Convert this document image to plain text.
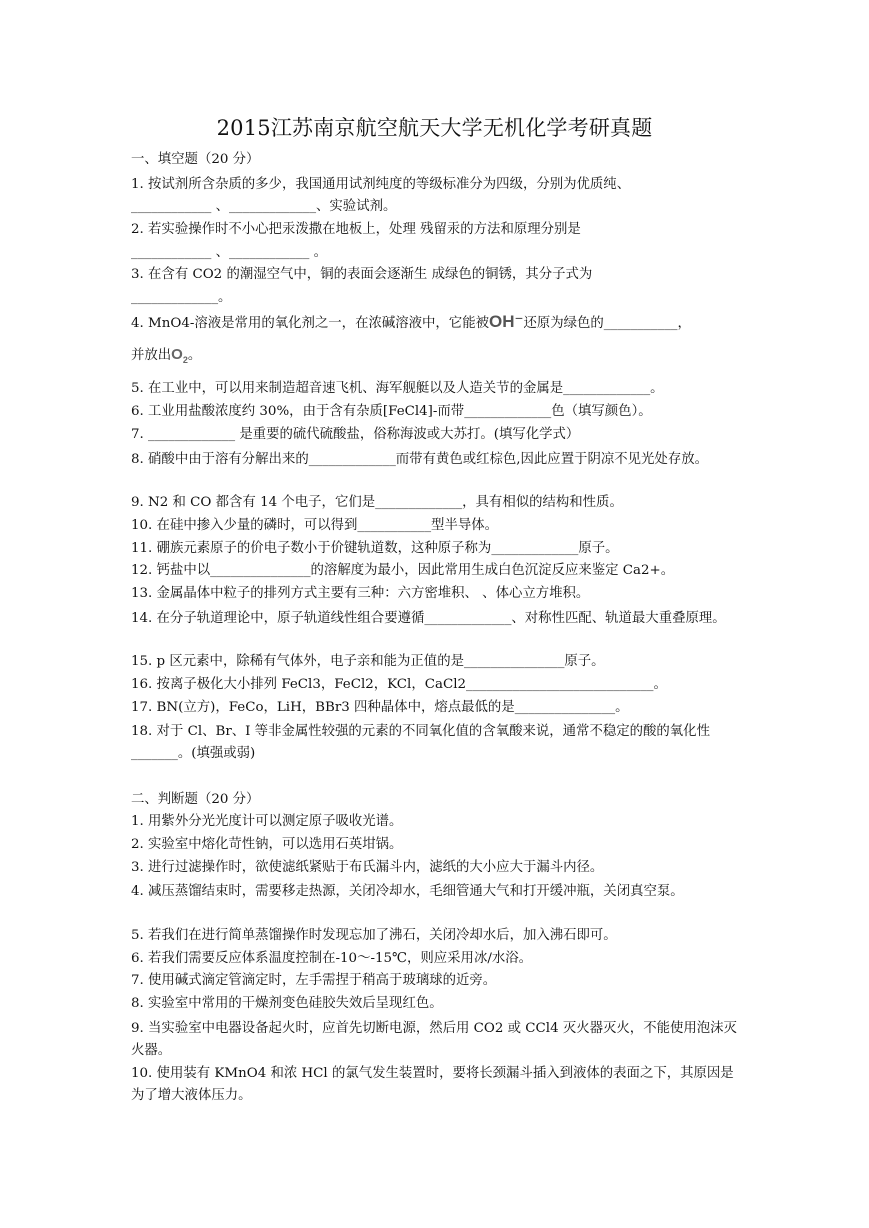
2015江苏南京航空航天大学无机化学考研真题
一、填空题（20 分）
1. 按试剂所含杂质的多少，我国通用试剂纯度的等级标准分为四级，分别为优质纯、
____________ 、_____________、实验试剂。
2. 若实验操作时不小心把汞泼撒在地板上，处理 残留汞的方法和原理分别是
____________ 、____________ 。
3. 在含有 CO2 的潮湿空气中，铜的表面会逐渐生 成绿色的铜锈，其分子式为
_____________。
4. MnO4-溶液是常用的氧化剂之一，在浓碱溶液中，它能被OH⁻还原为绿色的___________，
并放出$O_2$。
5. 在工业中，可以用来制造超音速飞机、海军舰艇以及人造关节的金属是_____________。
6. 工业用盐酸浓度约 30%，由于含有杂质[FeCl4]-而带_____________色（填写颜色）。
7. _____________ 是重要的硫代硫酸盐，俗称海波或大苏打。(填写化学式）
8. 硝酸中由于溶有分解出来的_____________而带有黄色或红棕色,因此应置于阴凉不见光处存放。
9. N2 和 CO 都含有 14 个电子，它们是_____________，具有相似的结构和性质。
10. 在硅中掺入少量的磷时，可以得到___________型半导体。
11. 硼族元素原子的价电子数小于价键轨道数，这种原子称为_____________原子。
12. 钙盐中以_______________的溶解度为最小，因此常用生成白色沉淀反应来鉴定 Ca2+。
13. 金属晶体中粒子的排列方式主要有三种：六方密堆积、 、体心立方堆积。
14. 在分子轨道理论中，原子轨道线性组合要遵循_____________、对称性匹配、轨道最大重叠原理。
15. p 区元素中，除稀有气体外，电子亲和能为正值的是_______________原子。
16. 按离子极化大小排列 FeCl3，FeCl2，KCl，CaCl2____________________________。
17. BN(立方)，FeCo，LiH，BBr3 四种晶体中，熔点最低的是_______________。
18. 对于 Cl、Br、I 等非金属性较强的元素的不同氧化值的含氧酸来说，通常不稳定的酸的氧化性_______。(填强或弱)
二、判断题（20 分）
1. 用紫外分光光度计可以测定原子吸收光谱。
2. 实验室中熔化苛性钠，可以选用石英坩锅。
3. 进行过滤操作时，欲使滤纸紧贴于布氏漏斗内，滤纸的大小应大于漏斗内径。
4. 减压蒸馏结束时，需要移走热源，关闭冷却水，毛细管通大气和打开缓冲瓶，关闭真空泵。
5. 若我们在进行简单蒸馏操作时发现忘加了沸石，关闭冷却水后，加入沸石即可。
6. 若我们需要反应体系温度控制在-10～-15℃，则应采用冰/水浴。
7. 使用碱式滴定管滴定时，左手需捏于稍高于玻璃球的近旁。
8. 实验室中常用的干燥剂变色硅胶失效后呈现红色。
9. 当实验室中电器设备起火时，应首先切断电源，然后用 CO2 或 CCl4 灭火器灭火，不能使用泡沫灭火器。
10. 使用装有 KMnO4 和浓 HCl 的氯气发生装置时，要将长颈漏斗插入到液体的表面之下，其原因是为了增大液体压力。
